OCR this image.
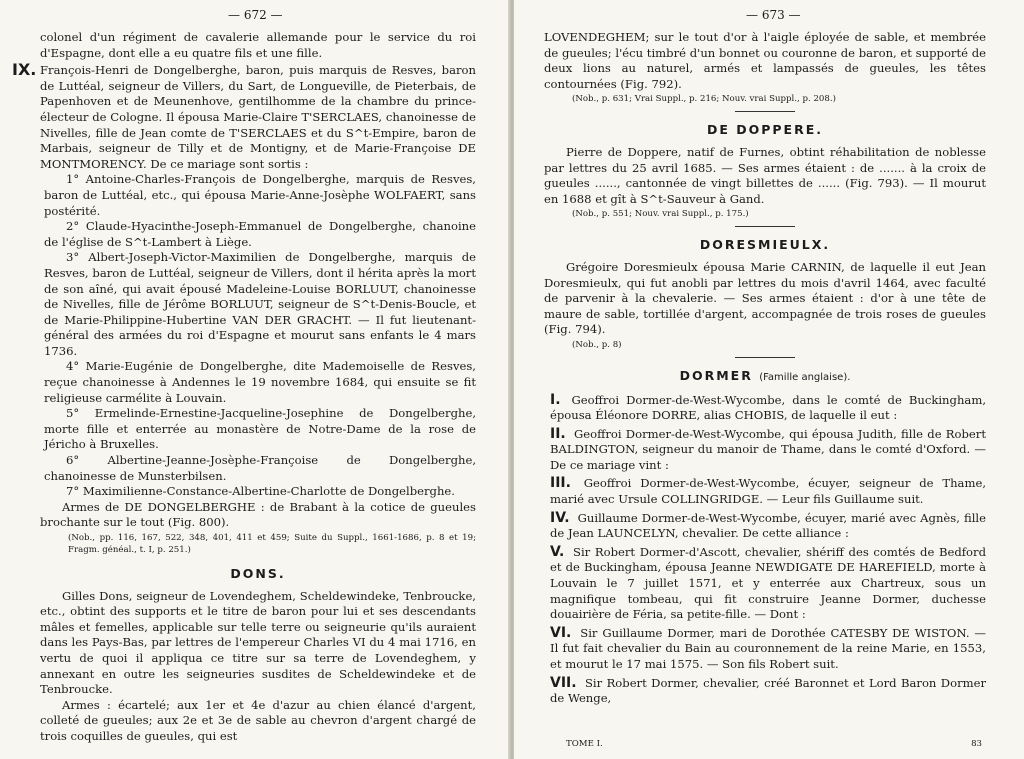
— 672 —

colonel d'un régiment de cavalerie allemande pour le service du roi d'Espagne, dont elle a eu quatre fils et une fille.

IX. François-Henri de Dongelberghe, baron, puis marquis de Resves, baron de Luttéal, seigneur de Villers, du Sart, de Longueville, de Pieterbais, de Papenhoven et de Meunenhove, gentilhomme de la chambre du prince-électeur de Cologne. Il épousa Marie-Claire T'SERCLAES, chanoinesse de Nivelles, fille de Jean comte de T'SERCLAES et du S^t-Empire, baron de Marbais, seigneur de Tilly et de Montigny, et de Marie-Françoise DE MONTMORENCY. De ce mariage sont sortis :

1° Antoine-Charles-François de Dongelberghe, marquis de Resves, baron de Luttéal, etc., qui épousa Marie-Anne-Josèphe WOLFAERT, sans postérité.

2° Claude-Hyacinthe-Joseph-Emmanuel de Dongelberghe, chanoine de l'église de S^t-Lambert à Liège.

3° Albert-Joseph-Victor-Maximilien de Dongelberghe, marquis de Resves, baron de Luttéal, seigneur de Villers, dont il hérita après la mort de son aîné, qui avait épousé Madeleine-Louise BORLUUT, chanoinesse de Nivelles, fille de Jérôme BORLUUT, seigneur de S^t-Denis-Boucle, et de Marie-Philippine-Hubertine VAN DER GRACHT. — Il fut lieutenant-général des armées du roi d'Espagne et mourut sans enfants le 4 mars 1736.

4° Marie-Eugénie de Dongelberghe, dite Mademoiselle de Resves, reçue chanoinesse à Andennes le 19 novembre 1684, qui ensuite se fit religieuse carmélite à Louvain.

5° Ermelinde-Ernestine-Jacqueline-Josephine de Dongelberghe, morte fille et enterrée au monastère de Notre-Dame de la rose de Jéricho à Bruxelles.

6° Albertine-Jeanne-Josèphe-Françoise de Dongelberghe, chanoinesse de Munsterbilsen.

7° Maximilienne-Constance-Albertine-Charlotte de Dongelberghe.

Armes de DE DONGELBERGHE : de Brabant à la cotice de gueules brochante sur le tout (Fig. 800).

(Nob., pp. 116, 167, 522, 348, 401, 411 et 459; Suite du Suppl., 1661-1686, p. 8 et 19; Fragm. généal., t. I, p. 251.)

DONS.

Gilles Dons, seigneur de Lovendeghem, Scheldewindeke, Tenbroucke, etc., obtint des supports et le titre de baron pour lui et ses descendants mâles et femelles, applicable sur telle terre ou seigneurie qu'ils auraient dans les Pays-Bas, par lettres de l'empereur Charles VI du 4 mai 1716, en vertu de quoi il appliqua ce titre sur sa terre de Lovendeghem, y annexant en outre les seigneuries susdites de Scheldewindeke et de Tenbroucke.

Armes : écartelé; aux 1er et 4e d'azur au chien élancé d'argent, colleté de gueules; aux 2e et 3e de sable au chevron d'argent chargé de trois coquilles de gueules, qui est

— 673 —

LOVENDEGHEM; sur le tout d'or à l'aigle éployée de sable, et membrée de gueules; l'écu timbré d'un bonnet ou couronne de baron, et supporté de deux lions au naturel, armés et lampassés de gueules, les têtes contournées (Fig. 792).

(Nob., p. 631; Vrai Suppl., p. 216; Nouv. vrai Suppl., p. 208.)

DE DOPPERE.

Pierre de Doppere, natif de Furnes, obtint réhabilitation de noblesse par lettres du 25 avril 1685. — Ses armes étaient : de ....... à la croix de gueules ......, cantonnée de vingt billettes de ...... (Fig. 793). — Il mourut en 1688 et gît à S^t-Sauveur à Gand.

(Nob., p. 551; Nouv. vrai Suppl., p. 175.)

DORESMIEULX.

Grégoire Doresmieulx épousa Marie CARNIN, de laquelle il eut Jean Doresmieulx, qui fut anobli par lettres du mois d'avril 1464, avec faculté de parvenir à la chevalerie. — Ses armes étaient : d'or à une tête de maure de sable, tortillée d'argent, accompagnée de trois roses de gueules (Fig. 794).

(Nob., p. 8)

DORMER (Famille anglaise).

I. Geoffroi Dormer-de-West-Wycombe, dans le comté de Buckingham, épousa Éléonore DORRE, alias CHOBIS, de laquelle il eut :

II. Geoffroi Dormer-de-West-Wycombe, qui épousa Judith, fille de Robert BALDINGTON, seigneur du manoir de Thame, dans le comté d'Oxford. — De ce mariage vint :

III. Geoffroi Dormer-de-West-Wycombe, écuyer, seigneur de Thame, marié avec Ursule COLLINGRIDGE. — Leur fils Guillaume suit.

IV. Guillaume Dormer-de-West-Wycombe, écuyer, marié avec Agnès, fille de Jean LAUNCELYN, chevalier. De cette alliance :

V. Sir Robert Dormer-d'Ascott, chevalier, shériff des comtés de Bedford et de Buckingham, épousa Jeanne NEWDIGATE DE HAREFIELD, morte à Louvain le 7 juillet 1571, et y enterrée aux Chartreux, sous un magnifique tombeau, qui fit construire Jeanne Dormer, duchesse douairière de Féria, sa petite-fille. — Dont :

VI. Sir Guillaume Dormer, mari de Dorothée CATESBY DE WISTON. — Il fut fait chevalier du Bain au couronnement de la reine Marie, en 1553, et mourut le 17 mai 1575. — Son fils Robert suit.

VII. Sir Robert Dormer, chevalier, créé Baronnet et Lord Baron Dormer de Wenge,

TOME I.	83
